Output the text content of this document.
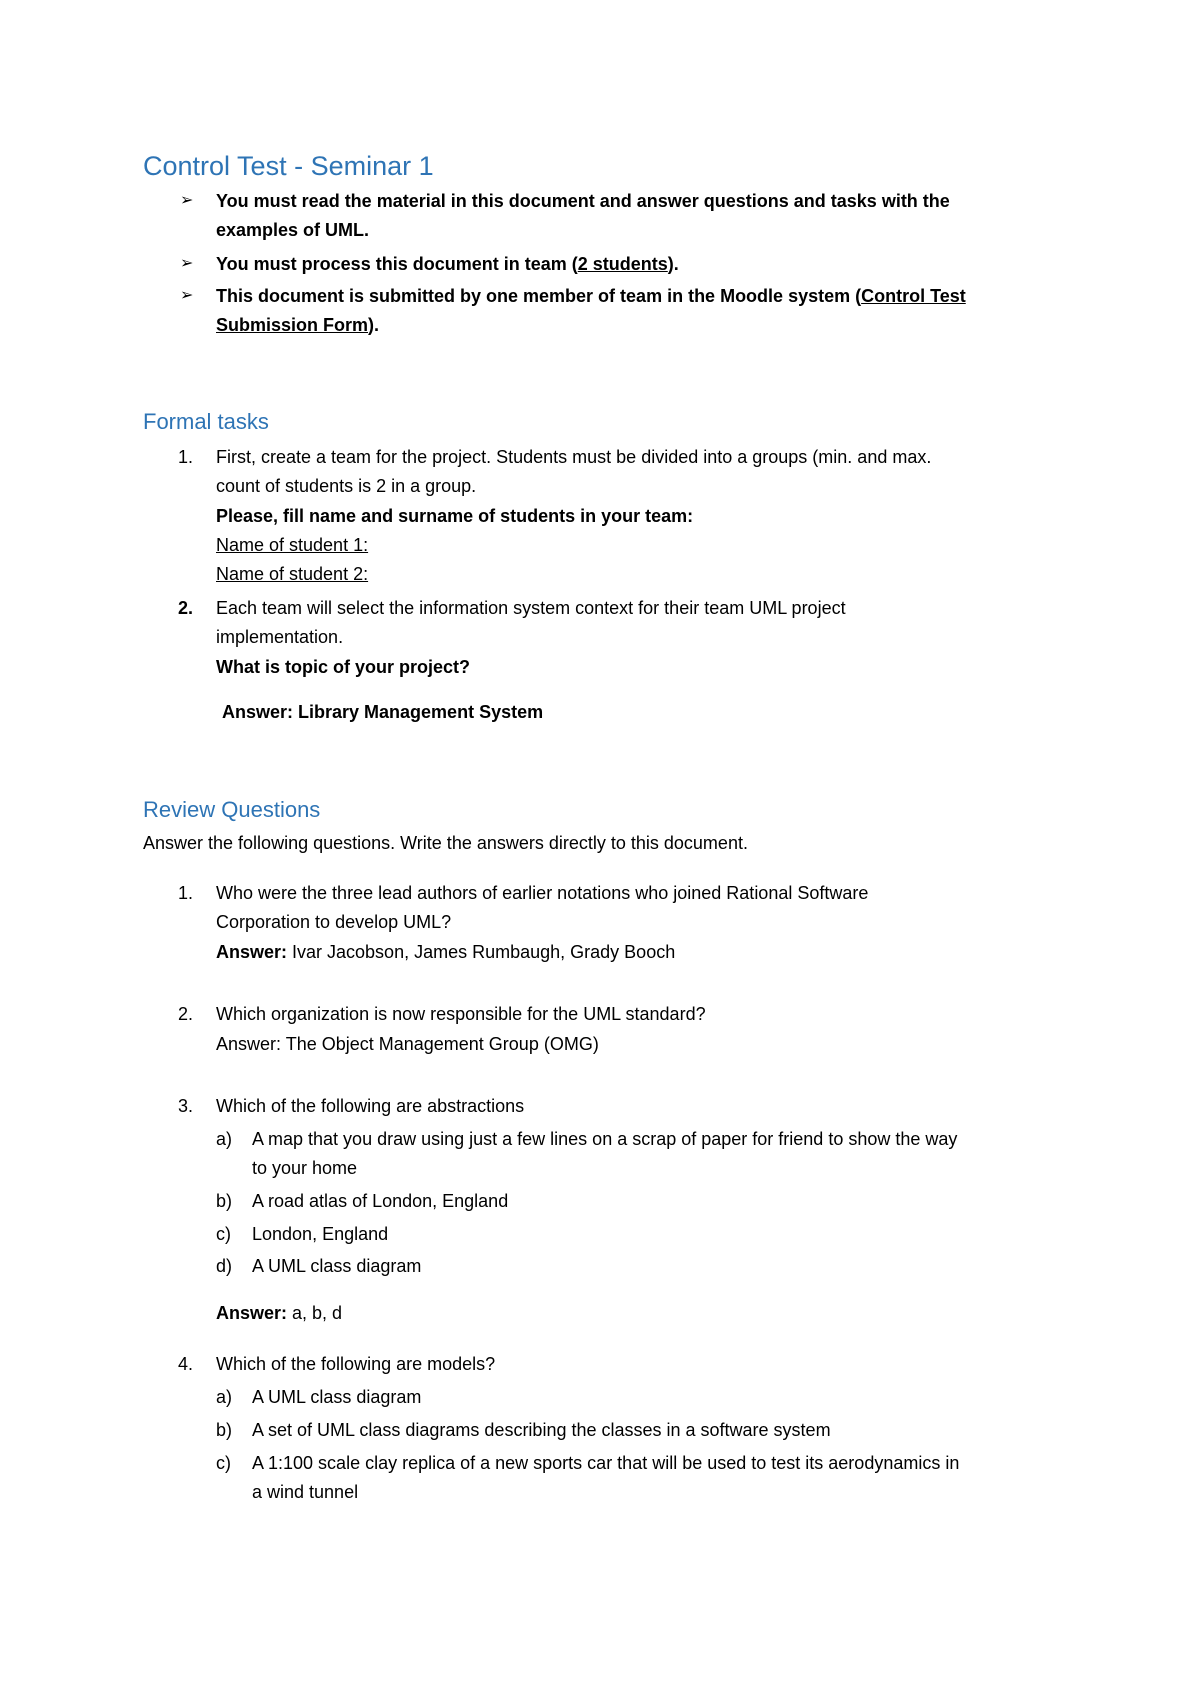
Control Test - Seminar 1
➢ You must read the material in this document and answer questions and tasks with the
examples of UML.
➢ You must process this document in team (2 students).
➢ This document is submitted by one member of team in the Moodle system (Control Test
Submission Form).
Formal tasks
1. First, create a team for the project. Students must be divided into a groups (min. and max.
count of students is 2 in a group.
Please, fill name and surname of students in your team:
Name of student 1:
Name of student 2:
2. Each team will select the information system context for their team UML project
implementation.
What is topic of your project?
Answer: Library Management System
Review Questions
Answer the following questions. Write the answers directly to this document.
1. Who were the three lead authors of earlier notations who joined Rational Software
Corporation to develop UML?
Answer: Ivar Jacobson, James Rumbaugh, Grady Booch
2. Which organization is now responsible for the UML standard?
Answer: The Object Management Group (OMG)
3. Which of the following are abstractions
a) A map that you draw using just a few lines on a scrap of paper for friend to show the way
to your home
b) A road atlas of London, England
c) London, England
d) A UML class diagram
Answer: a, b, d
4. Which of the following are models?
a) A UML class diagram
b) A set of UML class diagrams describing the classes in a software system
c) A 1:100 scale clay replica of a new sports car that will be used to test its aerodynamics in
a wind tunnel
